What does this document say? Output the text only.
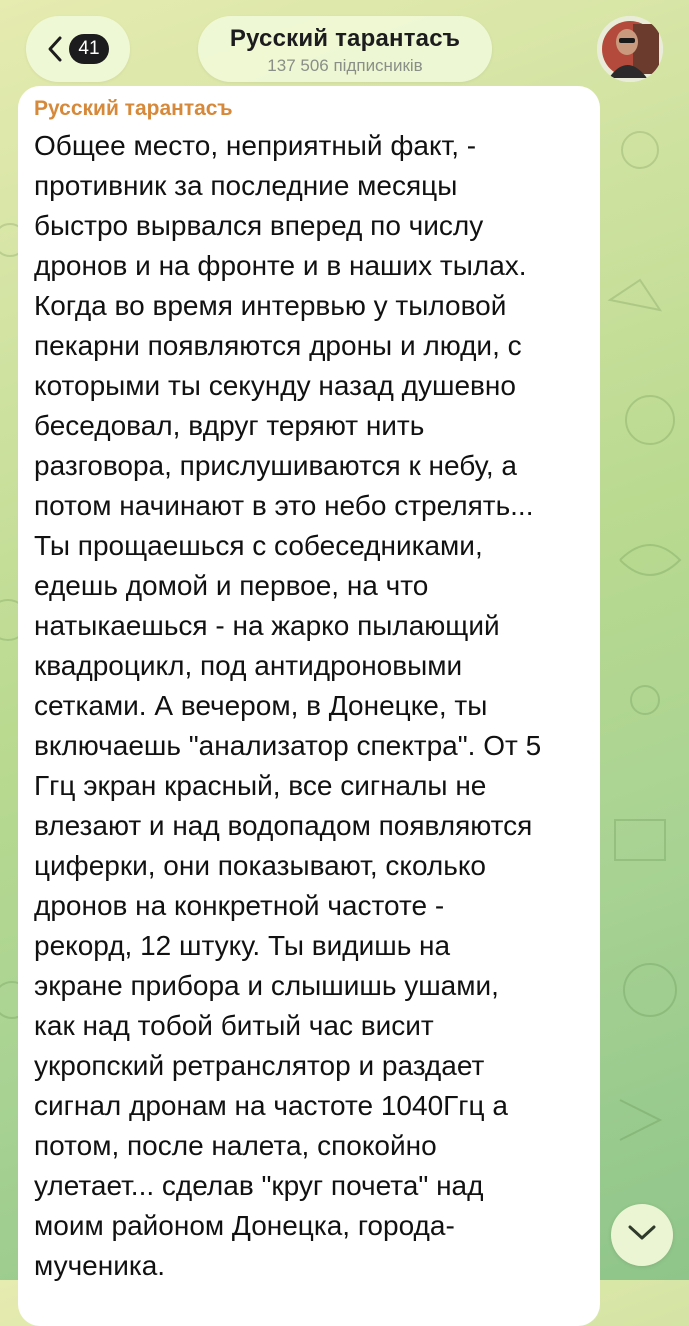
41	Русский тарантасъ
137 506 підписників
Русский тарантасъ

Общее место, неприятный факт, -
противник за последние месяцы
быстро вырвался вперед по числу
дронов и на фронте и в наших тылах.
Когда во время интервью у тыловой
пекарни появляются дроны и люди, с
которыми ты секунду назад душевно
беседовал, вдруг теряют нить
разговора, прислушиваются к небу, а
потом начинают в это небо стрелять...
Ты прощаешься с собеседниками,
едешь домой и первое, на что
натыкаешься - на жарко пылающий
квадроцикл, под антидроновыми
сетками. А вечером, в Донецке, ты
включаешь "анализатор спектра". От 5
Ггц экран красный, все сигналы не
влезают и над водопадом появляются
циферки, они показывают, сколько
дронов на конкретной частоте -
рекорд, 12 штуку. Ты видишь на
экране прибора и слышишь ушами,
как над тобой битый час висит
укропский ретранслятор и раздает
сигнал дронам на частоте 1040Ггц а
потом, после налета, спокойно
улетает... сделав "круг почета" над
моим районом Донецка, города-
мученика.
